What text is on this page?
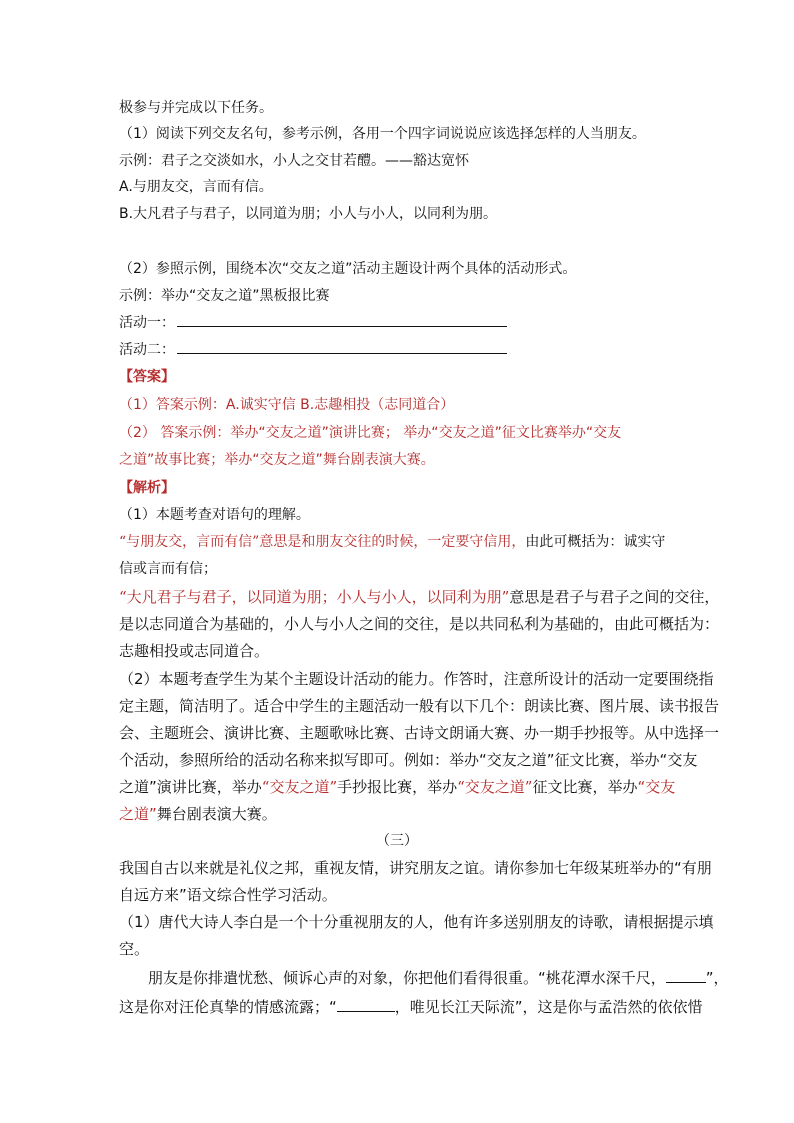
极参与并完成以下任务。
（1）阅读下列交友名句，参考示例，各用一个四字词说说应该选择怎样的人当朋友。
示例：君子之交淡如水，小人之交甘若醴。——豁达宽怀
A.与朋友交，言而有信。
B.大凡君子与君子，以同道为朋；小人与小人，以同利为朋。
（2）参照示例，围绕本次“交友之道”活动主题设计两个具体的活动形式。
示例：举办“交友之道”黑板报比赛
活动一：
活动二：
【答案】
（1）答案示例：A.诚实守信 B.志趣相投（志同道合）
（2） 答案示例：举办“交友之道”演讲比赛； 举办“交友之道”征文比赛举办“交友
之道”故事比赛；举办“交友之道”舞台剧表演大赛。
【解析】
（1）本题考查对语句的理解。
“与朋友交，言而有信”意思是和朋友交往的时候，一定要守信用，由此可概括为：诚实守
信或言而有信；
“大凡君子与君子，以同道为朋；小人与小人，以同利为朋”意思是君子与君子之间的交往，
是以志同道合为基础的，小人与小人之间的交往，是以共同私利为基础的，由此可概括为：
志趣相投或志同道合。
（2）本题考查学生为某个主题设计活动的能力。作答时，注意所设计的活动一定要围绕指
定主题，简洁明了。适合中学生的主题活动一般有以下几个：朗读比赛、图片展、读书报告
会、主题班会、演讲比赛、主题歌咏比赛、古诗文朗诵大赛、办一期手抄报等。从中选择一
个活动，参照所给的活动名称来拟写即可。例如：举办“交友之道”征文比赛，举办“交友
之道”演讲比赛，举办“交友之道”手抄报比赛，举办“交友之道”征文比赛，举办“交友
之道”舞台剧表演大赛。
（三）
我国自古以来就是礼仪之邦，重视友情，讲究朋友之谊。请你参加七年级某班举办的“有朋
自远方来”语文综合性学习活动。
（1）唐代大诗人李白是一个十分重视朋友的人，他有许多送别朋友的诗歌，请根据提示填
空。
朋友是你排遣忧愁、倾诉心声的对象，你把他们看得很重。“桃花潭水深千尺，	”，
这是你对汪伦真挚的情感流露；“	，唯见长江天际流”，这是你与孟浩然的依依惜
